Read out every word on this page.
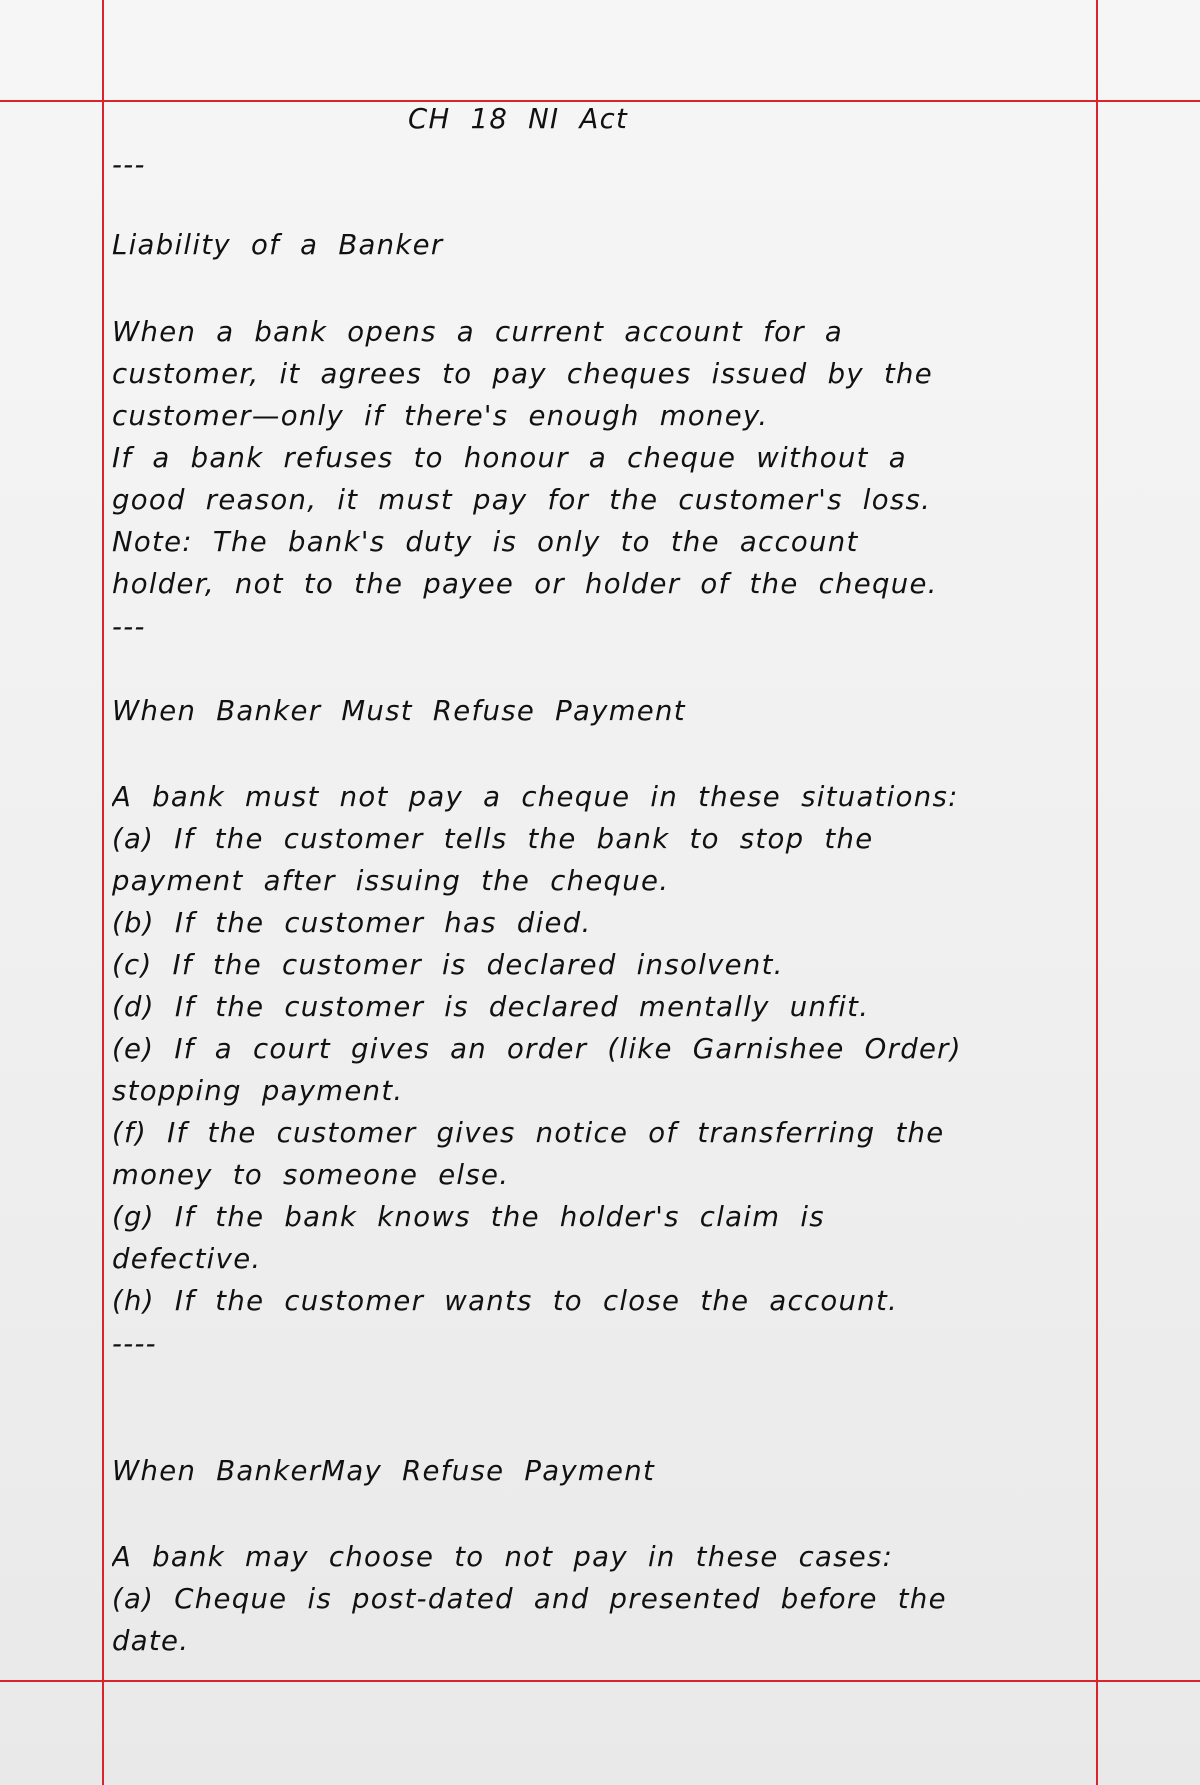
CH 18 NI Act
---
Liability of a Banker
When a bank opens a current account for a
customer, it agrees to pay cheques issued by the
customer—only if there's enough money.
If a bank refuses to honour a cheque without a
good reason, it must pay for the customer's loss.
Note: The bank's duty is only to the account
holder, not to the payee or holder of the cheque.
---
When Banker Must Refuse Payment
A bank must not pay a cheque in these situations:
(a) If the customer tells the bank to stop the
payment after issuing the cheque.
(b) If the customer has died.
(c) If the customer is declared insolvent.
(d) If the customer is declared mentally unfit.
(e) If a court gives an order (like Garnishee Order)
stopping payment.
(f) If the customer gives notice of transferring the
money to someone else.
(g) If the bank knows the holder's claim is
defective.
(h) If the customer wants to close the account.
----
When BankerMay Refuse Payment
A bank may choose to not pay in these cases:
(a) Cheque is post-dated and presented before the
date.
